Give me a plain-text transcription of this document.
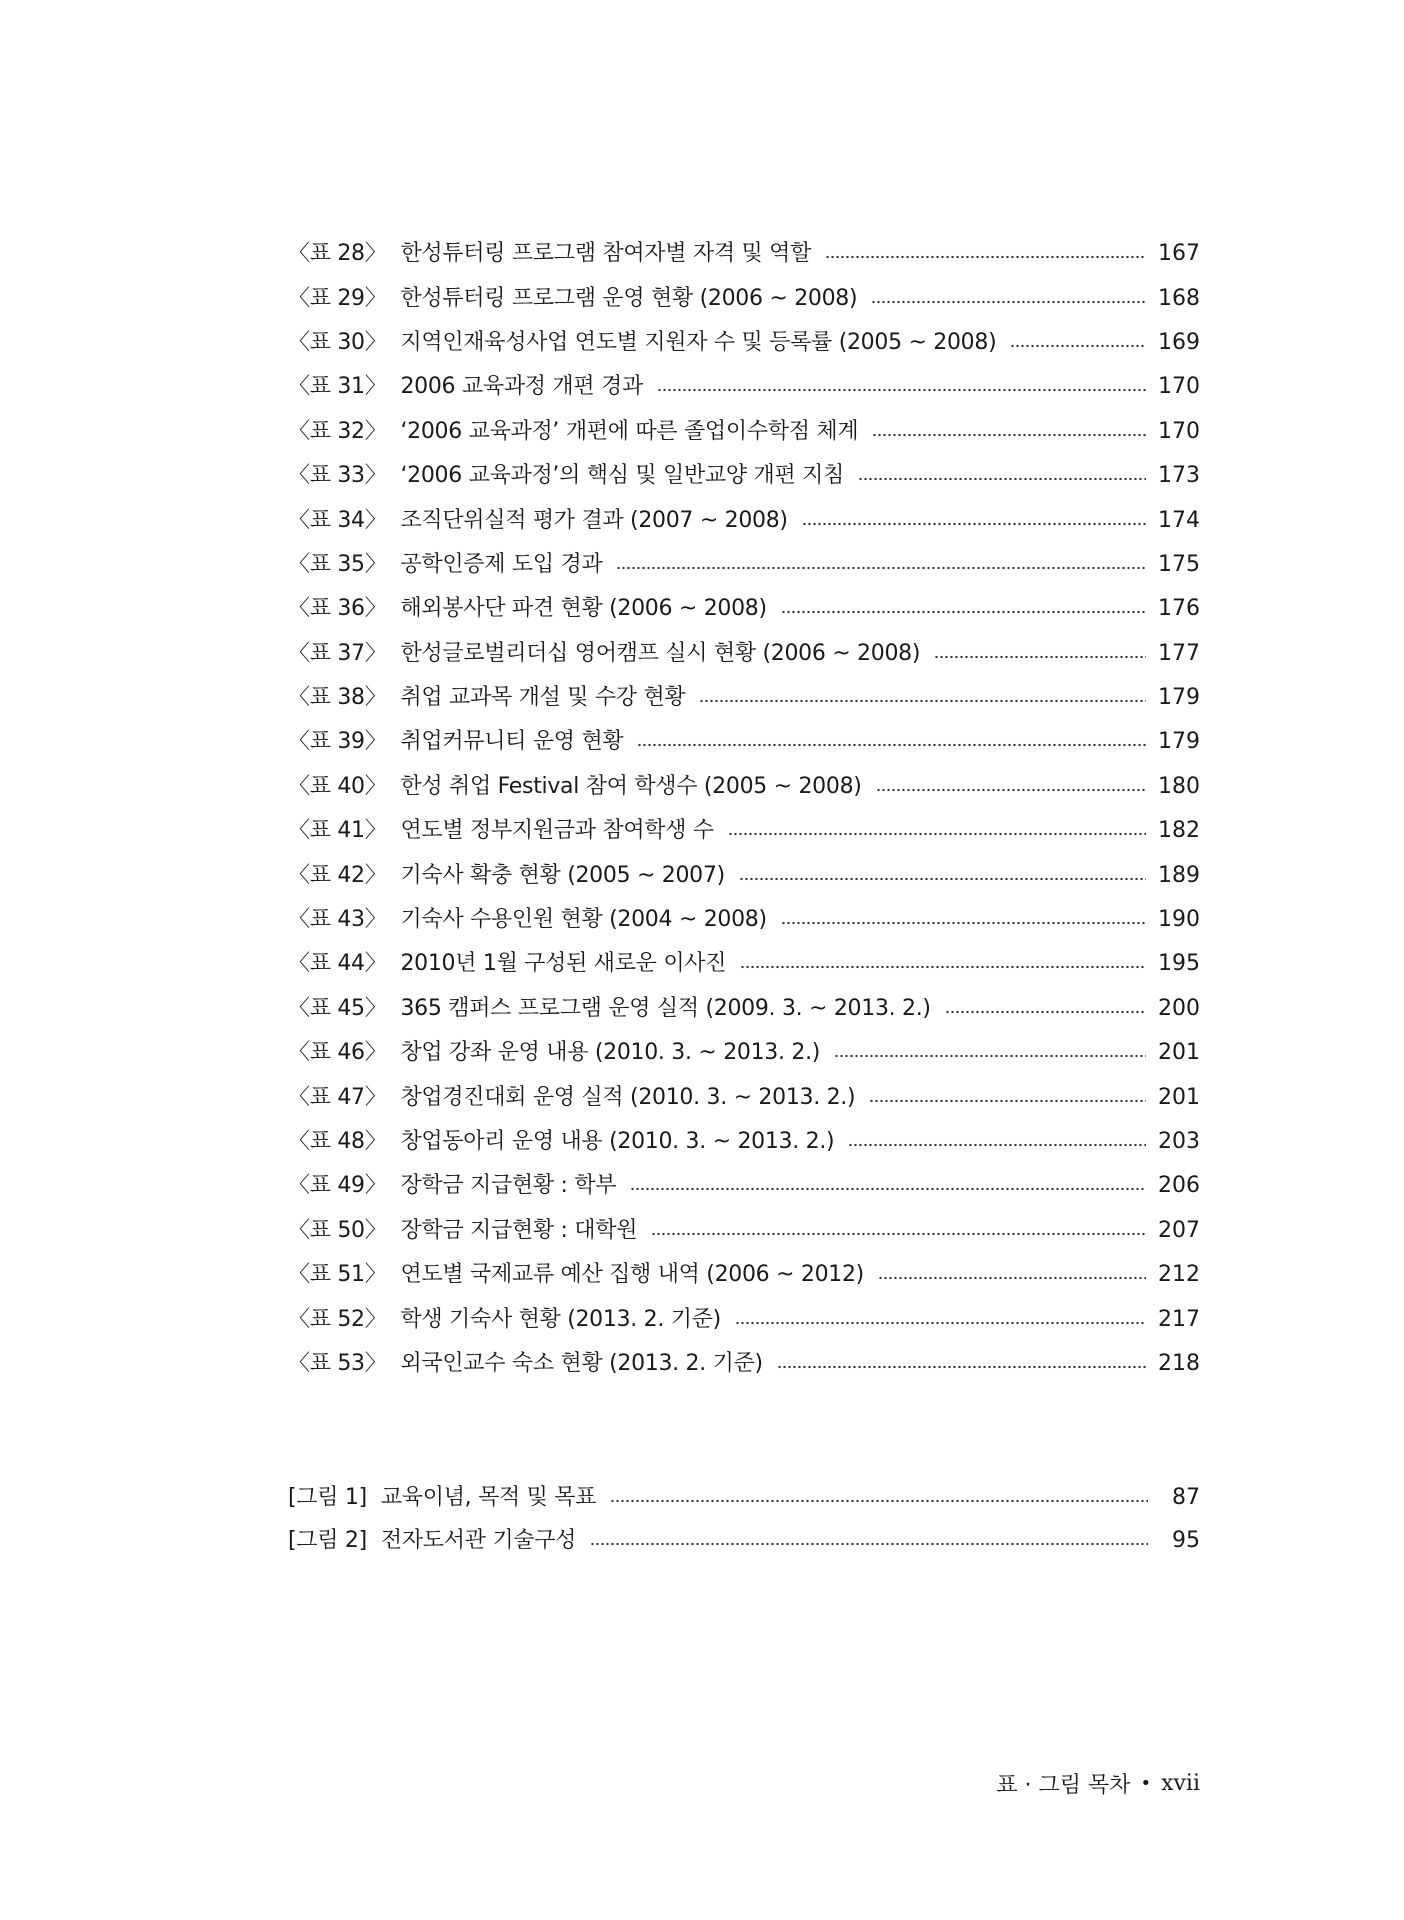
〈표 28〉 한성튜터링 프로그램 참여자별 자격 및 역할	167
〈표 29〉 한성튜터링 프로그램 운영 현황 (2006 ~ 2008)	168
〈표 30〉 지역인재육성사업 연도별 지원자 수 및 등록률 (2005 ~ 2008)	169
〈표 31〉 2006 교육과정 개편 경과	170
〈표 32〉 ‘2006 교육과정’ 개편에 따른 졸업이수학점 체계	170
〈표 33〉 ‘2006 교육과정’의 핵심 및 일반교양 개편 지침	173
〈표 34〉 조직단위실적 평가 결과 (2007 ~ 2008)	174
〈표 35〉 공학인증제 도입 경과	175
〈표 36〉 해외봉사단 파견 현황 (2006 ~ 2008)	176
〈표 37〉 한성글로벌리더십 영어캠프 실시 현황 (2006 ~ 2008)	177
〈표 38〉 취업 교과목 개설 및 수강 현황	179
〈표 39〉 취업커뮤니티 운영 현황	179
〈표 40〉 한성 취업 Festival 참여 학생수 (2005 ~ 2008)	180
〈표 41〉 연도별 정부지원금과 참여학생 수	182
〈표 42〉 기숙사 확충 현황 (2005 ~ 2007)	189
〈표 43〉 기숙사 수용인원 현황 (2004 ~ 2008)	190
〈표 44〉 2010년 1월 구성된 새로운 이사진	195
〈표 45〉 365 캠퍼스 프로그램 운영 실적 (2009. 3. ~ 2013. 2.)	200
〈표 46〉 창업 강좌 운영 내용 (2010. 3. ~ 2013. 2.)	201
〈표 47〉 창업경진대회 운영 실적 (2010. 3. ~ 2013. 2.)	201
〈표 48〉 창업동아리 운영 내용 (2010. 3. ~ 2013. 2.)	203
〈표 49〉 장학금 지급현황 : 학부	206
〈표 50〉 장학금 지급현황 : 대학원	207
〈표 51〉 연도별 국제교류 예산 집행 내역 (2006 ~ 2012)	212
〈표 52〉 학생 기숙사 현황 (2013. 2. 기준)	217
〈표 53〉 외국인교수 숙소 현황 (2013. 2. 기준)	218
[그림 1] 교육이념, 목적 및 목표	87
[그림 2] 전자도서관 기술구성	95
표 · 그림 목차 • xvii
